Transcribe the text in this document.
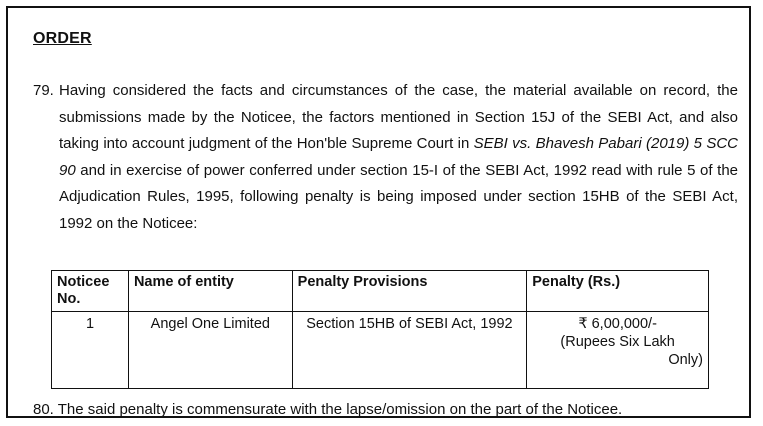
ORDER
79. Having considered the facts and circumstances of the case, the material available on record, the submissions made by the Noticee, the factors mentioned in Section 15J of the SEBI Act, and also taking into account judgment of the Hon'ble Supreme Court in SEBI vs. Bhavesh Pabari (2019) 5 SCC 90 and in exercise of power conferred under section 15-I of the SEBI Act, 1992 read with rule 5 of the Adjudication Rules, 1995, following penalty is being imposed under section 15HB of the SEBI Act, 1992 on the Noticee:
Noticee No.	Name of entity	Penalty Provisions	Penalty (Rs.)
1	Angel One Limited	Section 15HB of SEBI Act, 1992	₹ 6,00,000/-
(Rupees Six Lakh
Only)
80. The said penalty is commensurate with the lapse/omission on the part of the Noticee.
